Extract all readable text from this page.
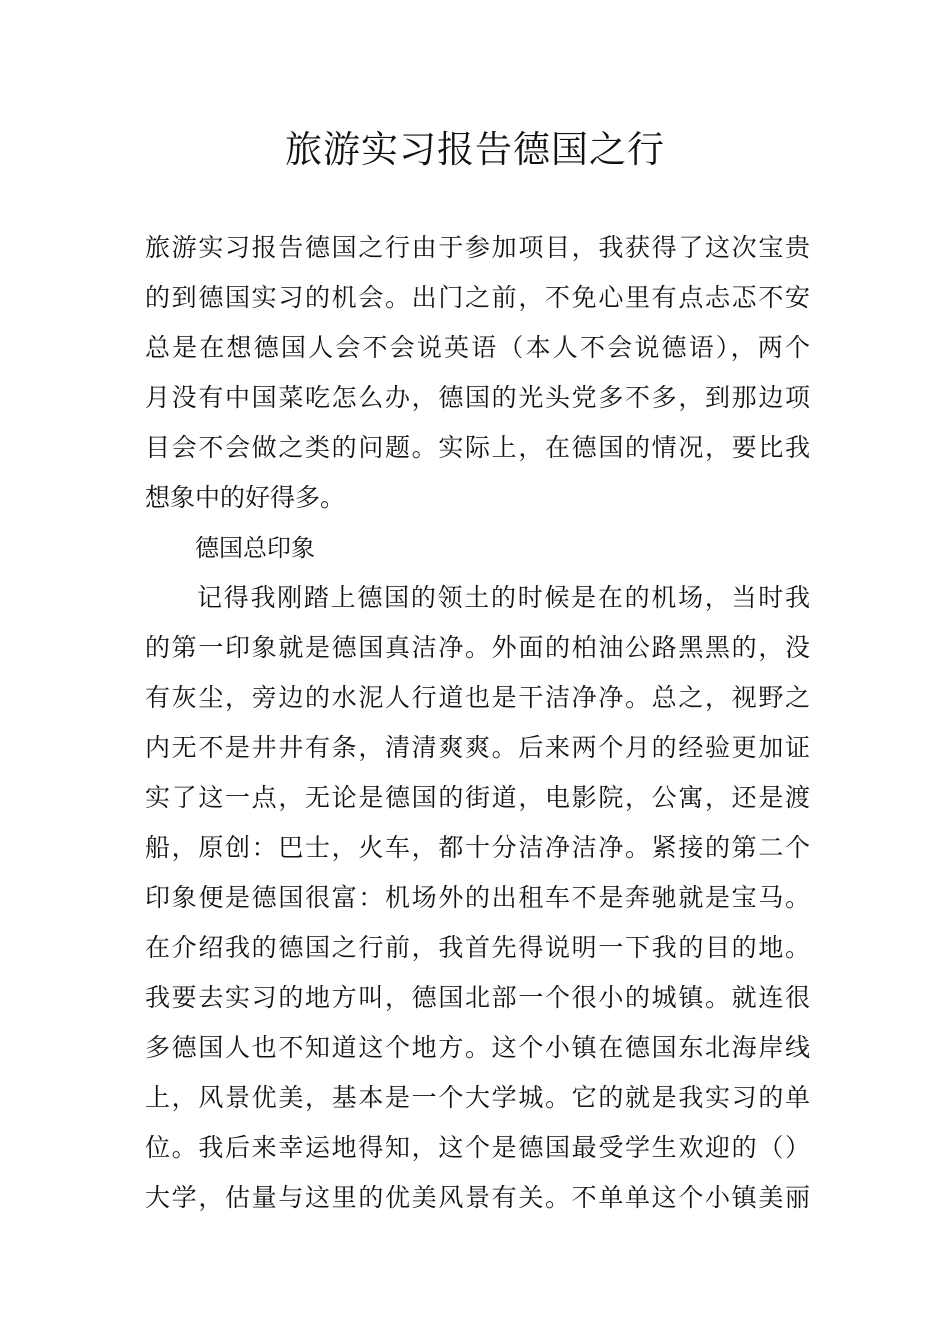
旅游实习报告德国之行
旅游实习报告德国之行由于参加项目，我获得了这次宝贵
的到德国实习的机会。出门之前，不免心里有点忐忑不安
总是在想德国人会不会说英语（本人不会说德语），两个
月没有中国菜吃怎么办，德国的光头党多不多，到那边项
目会不会做之类的问题。实际上，在德国的情况，要比我
想象中的好得多。
德国总印象
记得我刚踏上德国的领土的时候是在的机场，当时我
的第一印象就是德国真洁净。外面的柏油公路黑黑的，没
有灰尘，旁边的水泥人行道也是干洁净净。总之，视野之
内无不是井井有条，清清爽爽。后来两个月的经验更加证
实了这一点，无论是德国的街道，电影院，公寓，还是渡
船，原创：巴士，火车，都十分洁净洁净。紧接的第二个
印象便是德国很富：机场外的出租车不是奔驰就是宝马。
在介绍我的德国之行前，我首先得说明一下我的目的地。
我要去实习的地方叫，德国北部一个很小的城镇。就连很
多德国人也不知道这个地方。这个小镇在德国东北海岸线
上，风景优美，基本是一个大学城。它的就是我实习的单
位。我后来幸运地得知，这个是德国最受学生欢迎的（）
大学，估量与这里的优美风景有关。不单单这个小镇美丽
